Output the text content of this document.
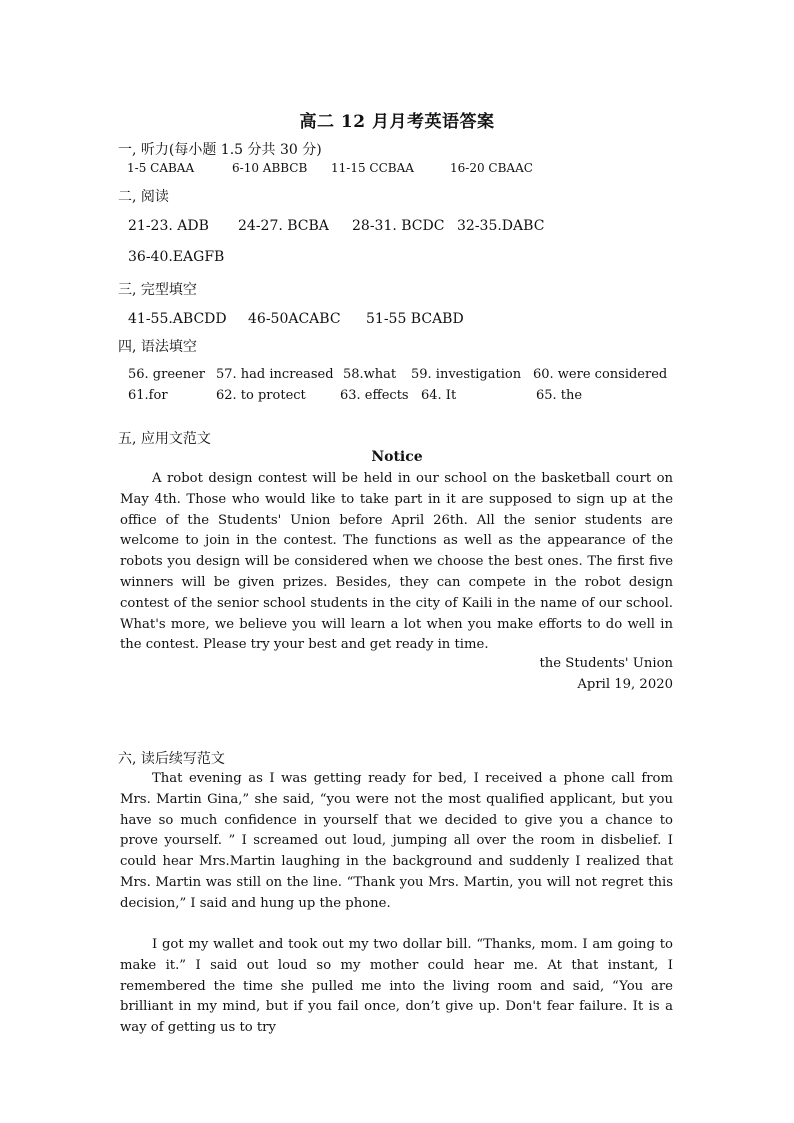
高二 12 月月考英语答案
一, 听力(每小题 1.5 分共 30 分)
1-5 CABAA	6-10 ABBCB 11-15 CCBAA	16-20 CBAAC
二, 阅读
21-23. ADB 24-27. BCBA 28-31. BCDC 32-35.DABC
36-40.EAGFB
三, 完型填空
41-55.ABCDD 46-50ACABC 51-55 BCABD
四, 语法填空
56. greener 57. had increased 58.what 59. investigation 60. were considered
61.for	62. to protect	63. effects 64. It	65. the
五, 应用文范文
Notice

A robot design contest will be held in our school on the basketball court on May 4th. Those who would like to take part in it are supposed to sign up at the office of the Students' Union before April 26th. All the senior students are welcome to join in the contest. The functions as well as the appearance of the robots you design will be considered when we choose the best ones. The first five winners will be given prizes. Besides, they can compete in the robot design contest of the senior school students in the city of Kaili in the name of our school. What's more, we believe you will learn a lot when you make efforts to do well in the contest. Please try your best and get ready in time.

the Students' Union
April 19, 2020
六, 读后续写范文

That evening as I was getting ready for bed, I received a phone call from Mrs. Martin Gina,” she said, “you were not the most qualified applicant, but you have so much confidence in yourself that we decided to give you a chance to prove yourself. ” I screamed out loud, jumping all over the room in disbelief. I could hear Mrs.Martin laughing in the background and suddenly I realized that Mrs. Martin was still on the line. “Thank you Mrs. Martin, you will not regret this decision,” I said and hung up the phone.

I got my wallet and took out my two dollar bill. “Thanks, mom. I am going to make it.” I said out loud so my mother could hear me. At that instant, I remembered the time she pulled me into the living room and said, “You are brilliant in my mind, but if you fail once, don’t give up. Don't fear failure. It is a way of getting us to try
